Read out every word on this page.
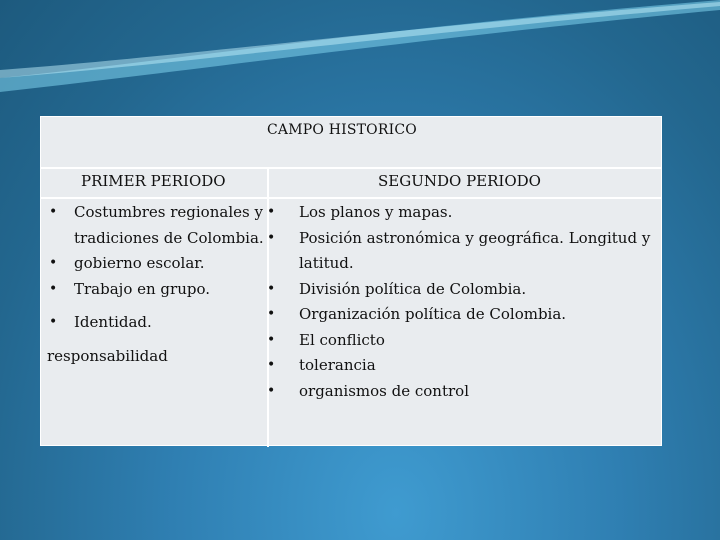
CAMPO HISTORICO
PRIMER PERIODO	SEGUNDO PERIODO
• Costumbres regionales y tradiciones de Colombia.
• gobierno escolar.
• Trabajo en grupo.
• Identidad.
responsabilidad
• Los planos y mapas.
• Posición astronómica y geográfica. Longitud y latitud.
• División política de Colombia.
• Organización política de Colombia.
• El conflicto
• tolerancia
• organismos de control
